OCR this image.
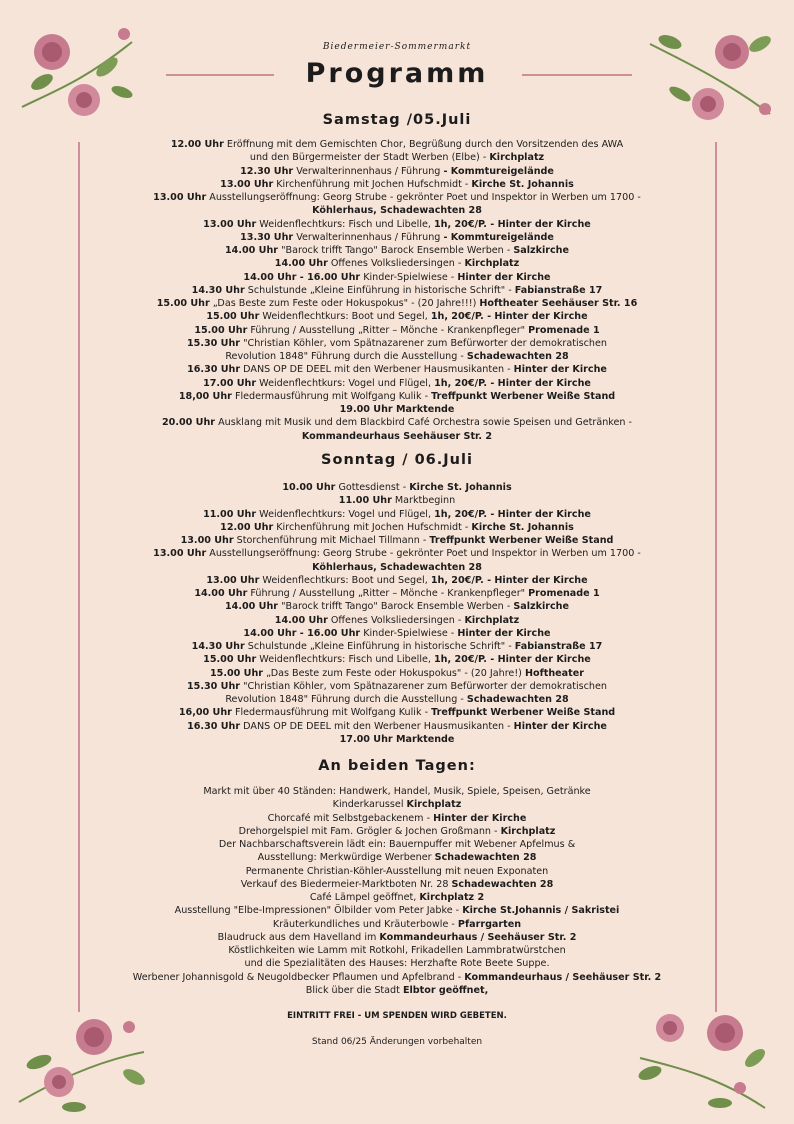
Biedermeier-Sommermarkt
Programm
Samstag /05.Juli
12.00 Uhr Eröffnung mit dem Gemischten Chor, Begrüßung durch den Vorsitzenden des AWA
und den Bürgermeister der Stadt Werben (Elbe) - Kirchplatz
12.30 Uhr Verwalterinnenhaus / Führung - Kommtureigelände
13.00 Uhr Kirchenführung mit Jochen Hufschmidt - Kirche St. Johannis
13.00 Uhr Ausstellungseröffnung: Georg Strube - gekrönter Poet und Inspektor in Werben um 1700 -
Köhlerhaus, Schadewachten 28
13.00 Uhr Weidenflechtkurs: Fisch und Libelle, 1h, 20€/P. - Hinter der Kirche
13.30 Uhr Verwalterinnenhaus / Führung - Kommtureigelände
14.00 Uhr "Barock trifft Tango" Barock Ensemble Werben - Salzkirche
14.00 Uhr Offenes Volksliedersingen - Kirchplatz
14.00 Uhr - 16.00 Uhr Kinder-Spielwiese - Hinter der Kirche
14.30 Uhr Schulstunde „Kleine Einführung in historische Schrift" - Fabianstraße 17
15.00 Uhr „Das Beste zum Feste oder Hokuspokus" - (20 Jahre!!!) Hoftheater Seehäuser Str. 16
15.00 Uhr Weidenflechtkurs: Boot und Segel, 1h, 20€/P. - Hinter der Kirche
15.00 Uhr Führung / Ausstellung „Ritter – Mönche - Krankenpfleger" Promenade 1
15.30 Uhr "Christian Köhler, vom Spätnazarener zum Befürworter der demokratischen
Revolution 1848" Führung durch die Ausstellung - Schadewachten 28
16.30 Uhr DANS OP DE DEEL mit den Werbener Hausmusikanten - Hinter der Kirche
17.00 Uhr Weidenflechtkurs: Vogel und Flügel, 1h, 20€/P. - Hinter der Kirche
18,00 Uhr Fledermausführung mit Wolfgang Kulik - Treffpunkt Werbener Weiße Stand
19.00 Uhr Marktende
20.00 Uhr Ausklang mit Musik und dem Blackbird Café Orchestra sowie Speisen und Getränken -
Kommandeurhaus Seehäuser Str. 2
Sonntag / 06.Juli
10.00 Uhr Gottesdienst - Kirche St. Johannis
11.00 Uhr Marktbeginn
11.00 Uhr Weidenflechtkurs: Vogel und Flügel, 1h, 20€/P. - Hinter der Kirche
12.00 Uhr Kirchenführung mit Jochen Hufschmidt - Kirche St. Johannis
13.00 Uhr Storchenführung mit Michael Tillmann - Treffpunkt Werbener Weiße Stand
13.00 Uhr Ausstellungseröffnung: Georg Strube - gekrönter Poet und Inspektor in Werben um 1700 -
Köhlerhaus, Schadewachten 28
13.00 Uhr Weidenflechtkurs: Boot und Segel, 1h, 20€/P. - Hinter der Kirche
14.00 Uhr Führung / Ausstellung „Ritter – Mönche - Krankenpfleger" Promenade 1
14.00 Uhr "Barock trifft Tango" Barock Ensemble Werben - Salzkirche
14.00 Uhr Offenes Volksliedersingen - Kirchplatz
14.00 Uhr - 16.00 Uhr Kinder-Spielwiese - Hinter der Kirche
14.30 Uhr Schulstunde „Kleine Einführung in historische Schrift" - Fabianstraße 17
15.00 Uhr Weidenflechtkurs: Fisch und Libelle, 1h, 20€/P. - Hinter der Kirche
15.00 Uhr „Das Beste zum Feste oder Hokuspokus" - (20 Jahre!) Hoftheater
15.30 Uhr "Christian Köhler, vom Spätnazarener zum Befürworter der demokratischen
Revolution 1848" Führung durch die Ausstellung - Schadewachten 28
16,00 Uhr Fledermausführung mit Wolfgang Kulik - Treffpunkt Werbener Weiße Stand
16.30 Uhr DANS OP DE DEEL mit den Werbener Hausmusikanten - Hinter der Kirche
17.00 Uhr Marktende
An beiden Tagen:
Markt mit über 40 Ständen: Handwerk, Handel, Musik, Spiele, Speisen, Getränke
Kinderkarussel Kirchplatz
Chorcafé mit Selbstgebackenem - Hinter der Kirche
Drehorgelspiel mit Fam. Grögler & Jochen Großmann - Kirchplatz
Der Nachbarschaftsverein lädt ein: Bauernpuffer mit Webener Apfelmus &
Ausstellung: Merkwürdige Werbener Schadewachten 28
Permanente Christian-Köhler-Ausstellung mit neuen Exponaten
Verkauf des Biedermeier-Marktboten Nr. 28 Schadewachten 28
Café Lämpel geöffnet, Kirchplatz 2
Ausstellung "Elbe-Impressionen" Ölbilder vom Peter Jabke - Kirche St.Johannis / Sakristei
Kräuterkundliches und Kräuterbowle - Pfarrgarten
Blaudruck aus dem Havelland im Kommandeurhaus / Seehäuser Str. 2
Köstlichkeiten wie Lamm mit Rotkohl, Frikadellen Lammbratwürstchen
und die Spezialitäten des Hauses: Herzhafte Rote Beete Suppe.
Werbener Johannisgold & Neugoldbecker Pflaumen und Apfelbrand - Kommandeurhaus / Seehäuser Str. 2
Blick über die Stadt Elbtor geöffnet,
EINTRITT FREI - UM SPENDEN WIRD GEBETEN.
Stand 06/25 Änderungen vorbehalten
